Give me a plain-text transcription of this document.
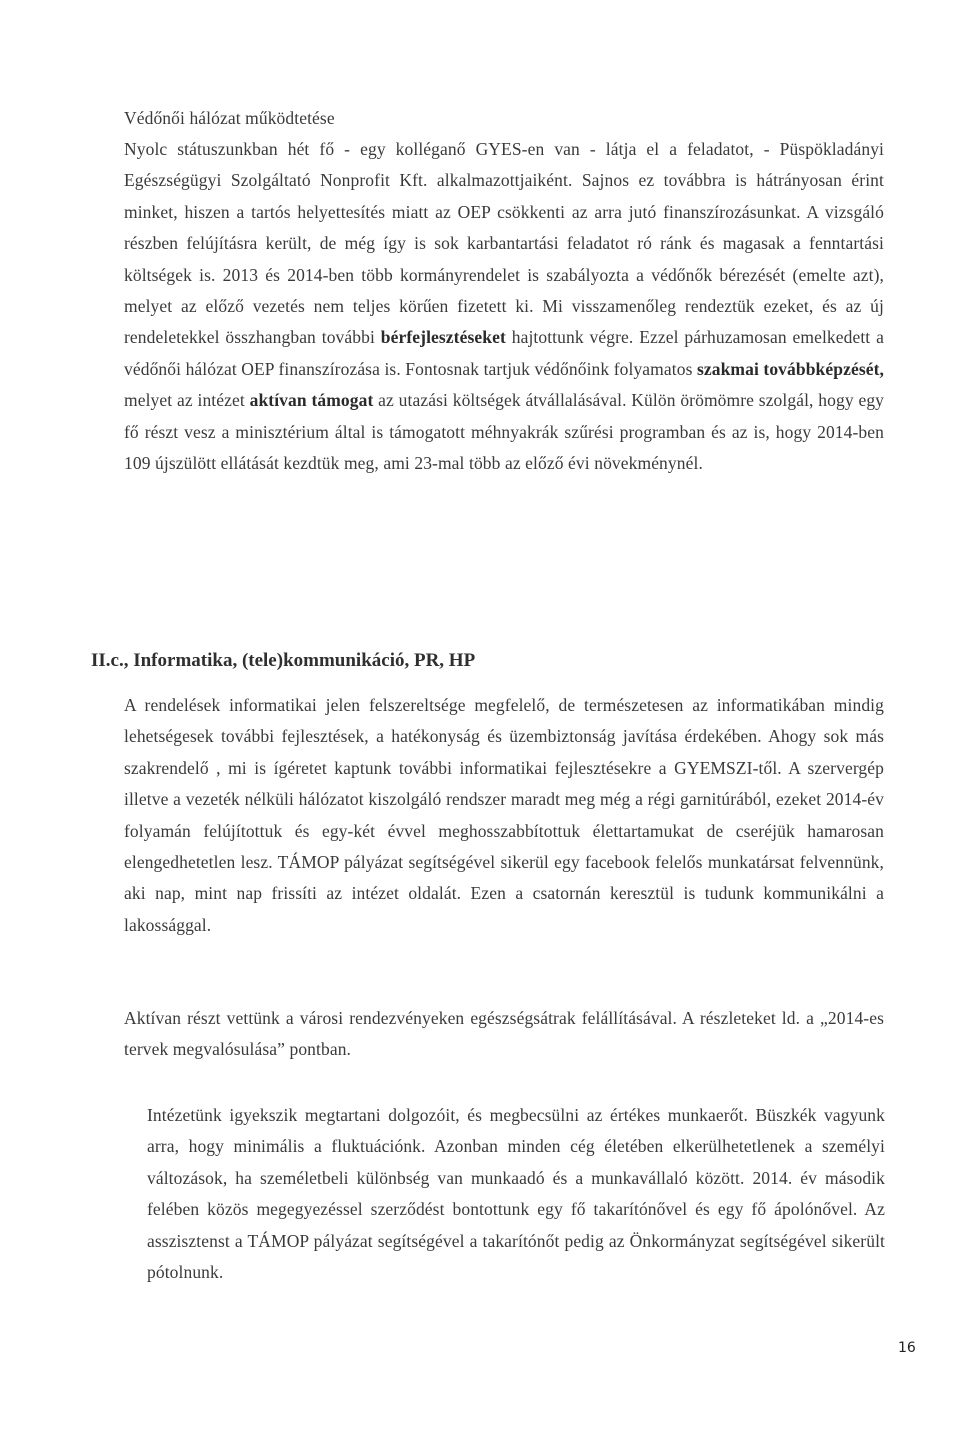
Védőnői hálózat működtetése
Nyolc státuszunkban hét fő - egy kolléganő GYES-en van - látja el a feladatot, - Püspökladányi Egészségügyi Szolgáltató Nonprofit Kft. alkalmazottjaiként. Sajnos ez továbbra is hátrányosan érint minket, hiszen a tartós helyettesítés miatt az OEP csökkenti az arra jutó finanszírozásunkat. A vizsgáló részben felújításra került, de még így is sok karbantartási feladatot ró ránk és magasak a fenntartási költségek is. 2013 és 2014-ben több kormányrendelet is szabályozta a védőnők bérezését (emelte azt), melyet az előző vezetés nem teljes körűen fizetett ki. Mi visszamenőleg rendeztük ezeket, és az új rendeletekkel összhangban további bérfejlesztéseket hajtottunk végre. Ezzel párhuzamosan emelkedett a védőnői hálózat OEP finanszírozása is. Fontosnak tartjuk védőnőink folyamatos szakmai továbbképzését, melyet az intézet aktívan támogat az utazási költségek átvállalásával. Külön örömömre szolgál, hogy egy fő részt vesz a minisztérium által is támogatott méhnyakrák szűrési programban és az is, hogy 2014-ben 109 újszülött ellátását kezdtük meg, ami 23-mal több az előző évi növekménynél.
II.c., Informatika, (tele)kommunikáció, PR, HP
A rendelések informatikai jelen felszereltsége megfelelő, de természetesen az informatikában mindig lehetségesek további fejlesztések, a hatékonyság és üzembiztonság javítása érdekében. Ahogy sok más szakrendelő , mi is ígéretet kaptunk további informatikai fejlesztésekre a GYEMSZI-től. A szervergép illetve a vezeték nélküli hálózatot kiszolgáló rendszer maradt meg még a régi garnitúrából, ezeket 2014-év folyamán felújítottuk és egy-két évvel meghosszabbítottuk élettartamukat de cseréjük hamarosan elengedhetetlen lesz. TÁMOP pályázat segítségével sikerül egy facebook felelős munkatársat felvennünk, aki nap, mint nap frissíti az intézet oldalát. Ezen a csatornán keresztül is tudunk kommunikálni a lakossággal.
Aktívan részt vettünk a városi rendezvényeken egészségsátrak felállításával. A részleteket ld. a „2014-es tervek megvalósulása” pontban.
Intézetünk igyekszik megtartani dolgozóit, és megbecsülni az értékes munkaerőt. Büszkék vagyunk arra, hogy minimális a fluktuációnk. Azonban minden cég életében elkerülhetetlenek a személyi változások, ha személetbeli különbség van munkaadó és a munkavállaló között. 2014. év második felében közös megegyezéssel szerződést bontottunk egy fő takarítónővel és egy fő ápolónővel. Az asszisztenst a TÁMOP pályázat segítségével a takarítónőt pedig az Önkormányzat segítségével sikerült pótolnunk.
16
